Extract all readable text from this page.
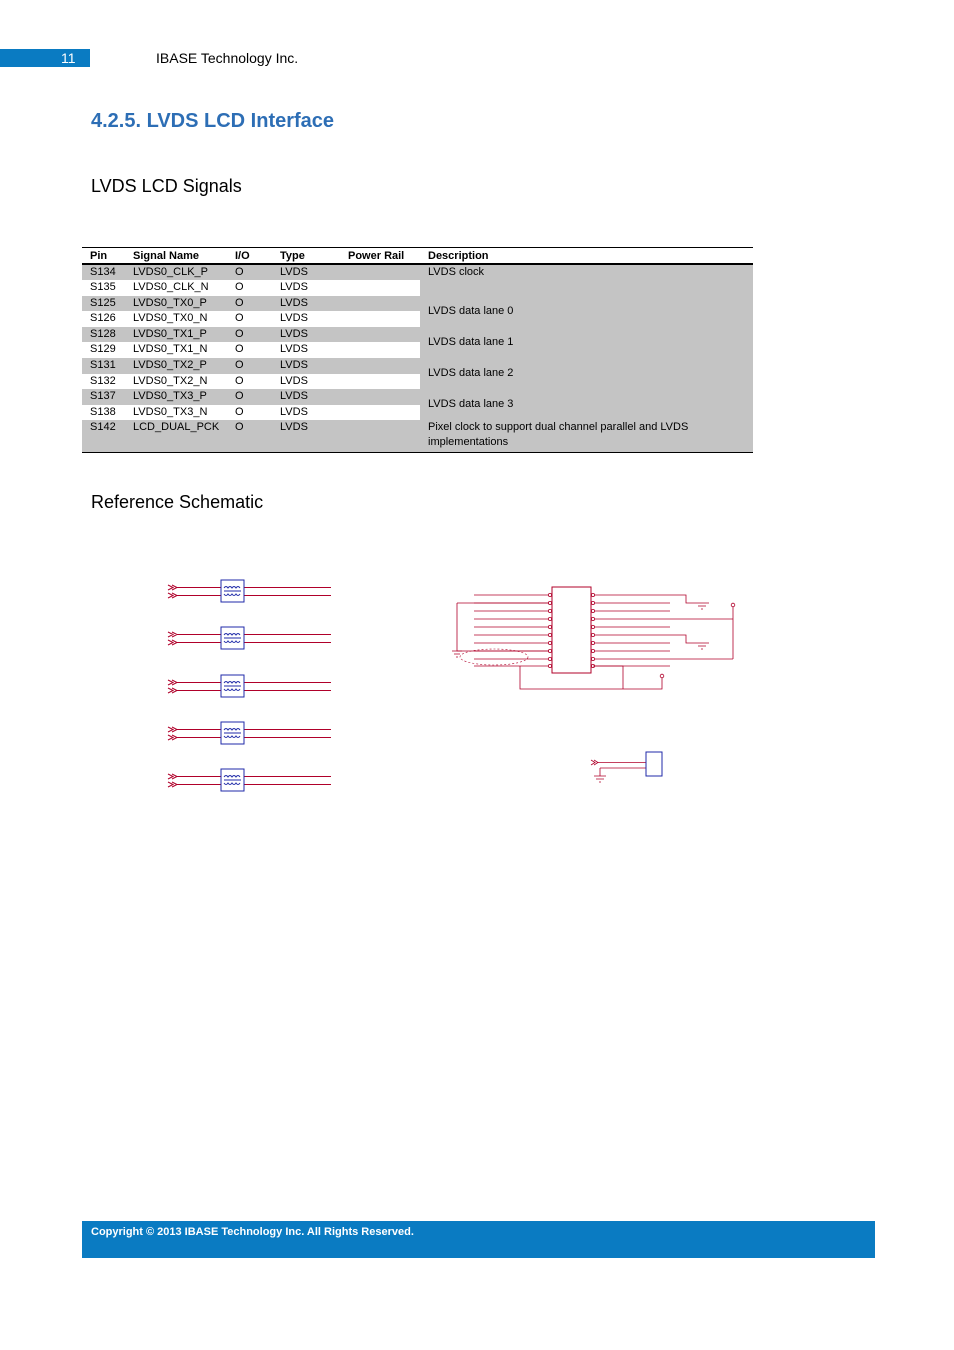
11	IBASE Technology Inc.
4.2.5. LVDS LCD Interface
LVDS LCD Signals
Pin	Signal Name	I/O	Type	Power Rail	Description
S134	LVDS0_CLK_P	O	LVDS		LVDS clock
S135	LVDS0_CLK_N	O	LVDS		
S125	LVDS0_TX0_P	O	LVDS		LVDS data lane 0
S126	LVDS0_TX0_N	O	LVDS		
S128	LVDS0_TX1_P	O	LVDS		LVDS data lane 1
S129	LVDS0_TX1_N	O	LVDS		
S131	LVDS0_TX2_P	O	LVDS		LVDS data lane 2
S132	LVDS0_TX2_N	O	LVDS		
S137	LVDS0_TX3_P	O	LVDS		LVDS data lane 3
S138	LVDS0_TX3_N	O	LVDS		
S142	LCD_DUAL_PCK	O	LVDS		Pixel clock to support dual channel parallel and LVDS implementations
Reference Schematic
Copyright © 2013 IBASE Technology Inc. All Rights Reserved.
